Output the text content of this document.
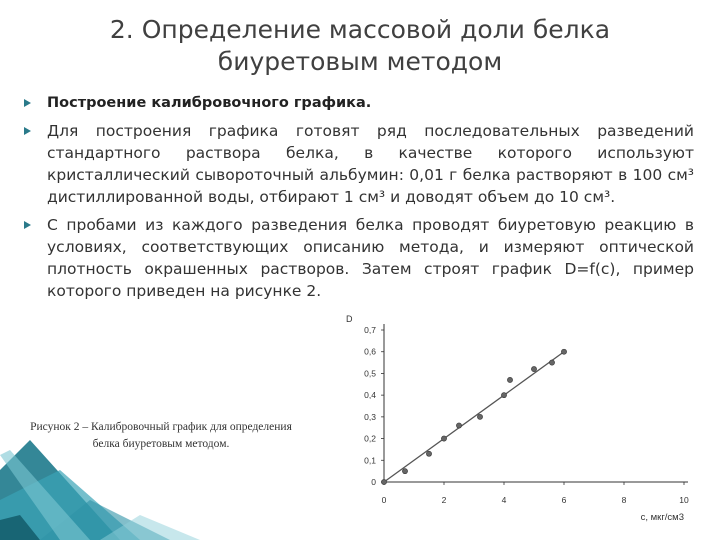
2. Определение массовой доли белка
биуретовым методом
Построение калибровочного графика.
Для построения графика готовят ряд последовательных разведений стандартного раствора белка, в качестве которого используют кристаллический сывороточный альбумин: 0,01 г белка растворяют в 100 см³ дистиллированной воды, отбирают 1 см³ и доводят объем до 10 см³.
С пробами из каждого разведения белка проводят биуретовую реакцию в условиях, соответствующих описанию метода, и измеряют оптической плотность окрашенных растворов. Затем строят график D=f(c), пример которого приведен на рисунке 2.
Рисунок 2 – Калибровочный график для определения белка биуретовым методом.
0
0,1
0,2
0,3
0,4
0,5
0,6
0,7
0	2	4	6	8	10
D
с, мкг/см3
